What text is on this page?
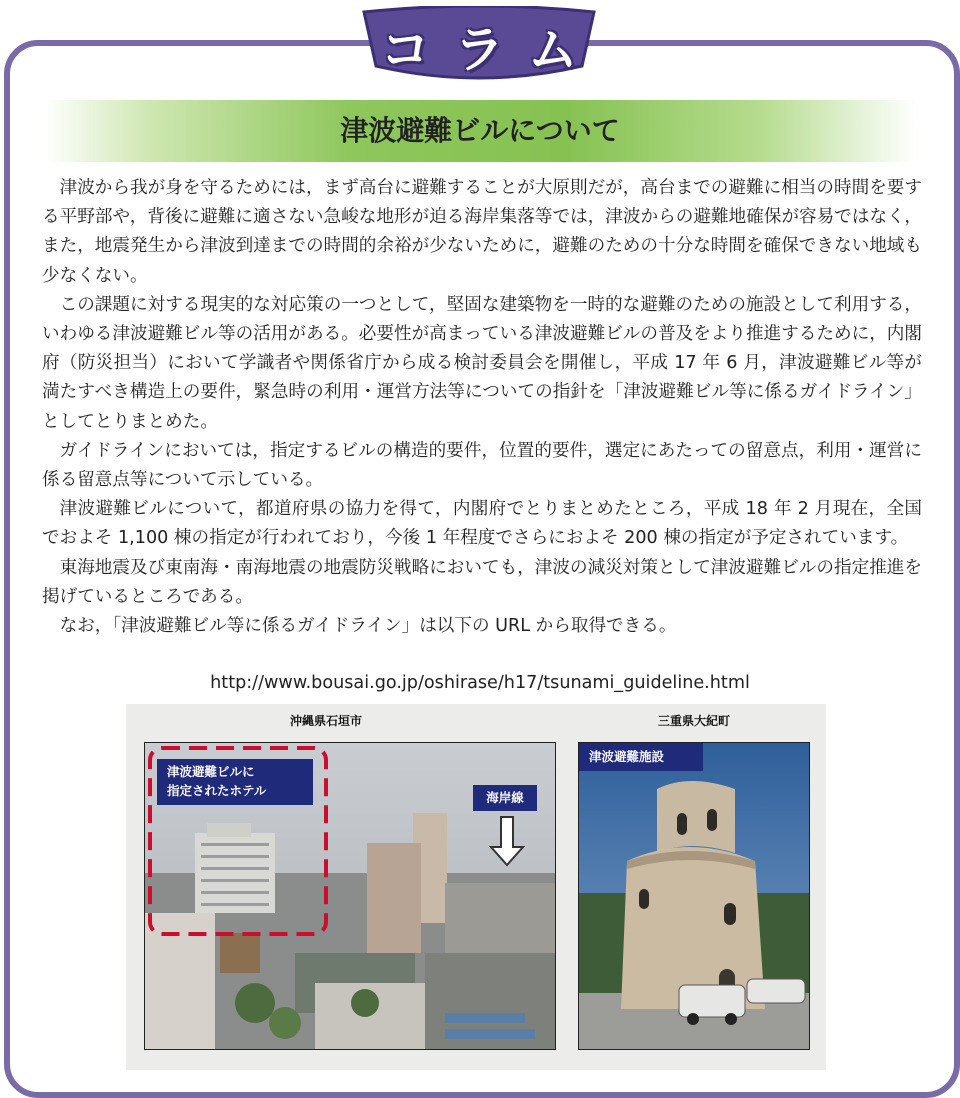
コラム
津波避難ビルについて

津波から我が身を守るためには，まず高台に避難することが大原則だが，高台までの避難に相当の時間を要する平野部や，背後に避難に適さない急峻な地形が迫る海岸集落等では，津波からの避難地確保が容易ではなく，また，地震発生から津波到達までの時間的余裕が少ないために，避難のための十分な時間を確保できない地域も少なくない。

この課題に対する現実的な対応策の一つとして，堅固な建築物を一時的な避難のための施設として利用する，いわゆる津波避難ビル等の活用がある。必要性が高まっている津波避難ビルの普及をより推進するために，内閣府（防災担当）において学識者や関係省庁から成る検討委員会を開催し，平成 17 年 6 月，津波避難ビル等が満たすべき構造上の要件，緊急時の利用・運営方法等についての指針を「津波避難ビル等に係るガイドライン」としてとりまとめた。

ガイドラインにおいては，指定するビルの構造的要件，位置的要件，選定にあたっての留意点，利用・運営に係る留意点等について示している。

津波避難ビルについて，都道府県の協力を得て，内閣府でとりまとめたところ，平成 18 年 2 月現在，全国でおよそ 1,100 棟の指定が行われており，今後 1 年程度でさらにおよそ 200 棟の指定が予定されています。

東海地震及び東南海・南海地震の地震防災戦略においても，津波の減災対策として津波避難ビルの指定推進を掲げているところである。

なお，「津波避難ビル等に係るガイドライン」は以下の URL から取得できる。

http://www.bousai.go.jp/oshirase/h17/tsunami_guideline.html
沖縄県石垣市	三重県大紀町
津波避難ビルに
指定されたホテル	海岸線
津波避難施設
